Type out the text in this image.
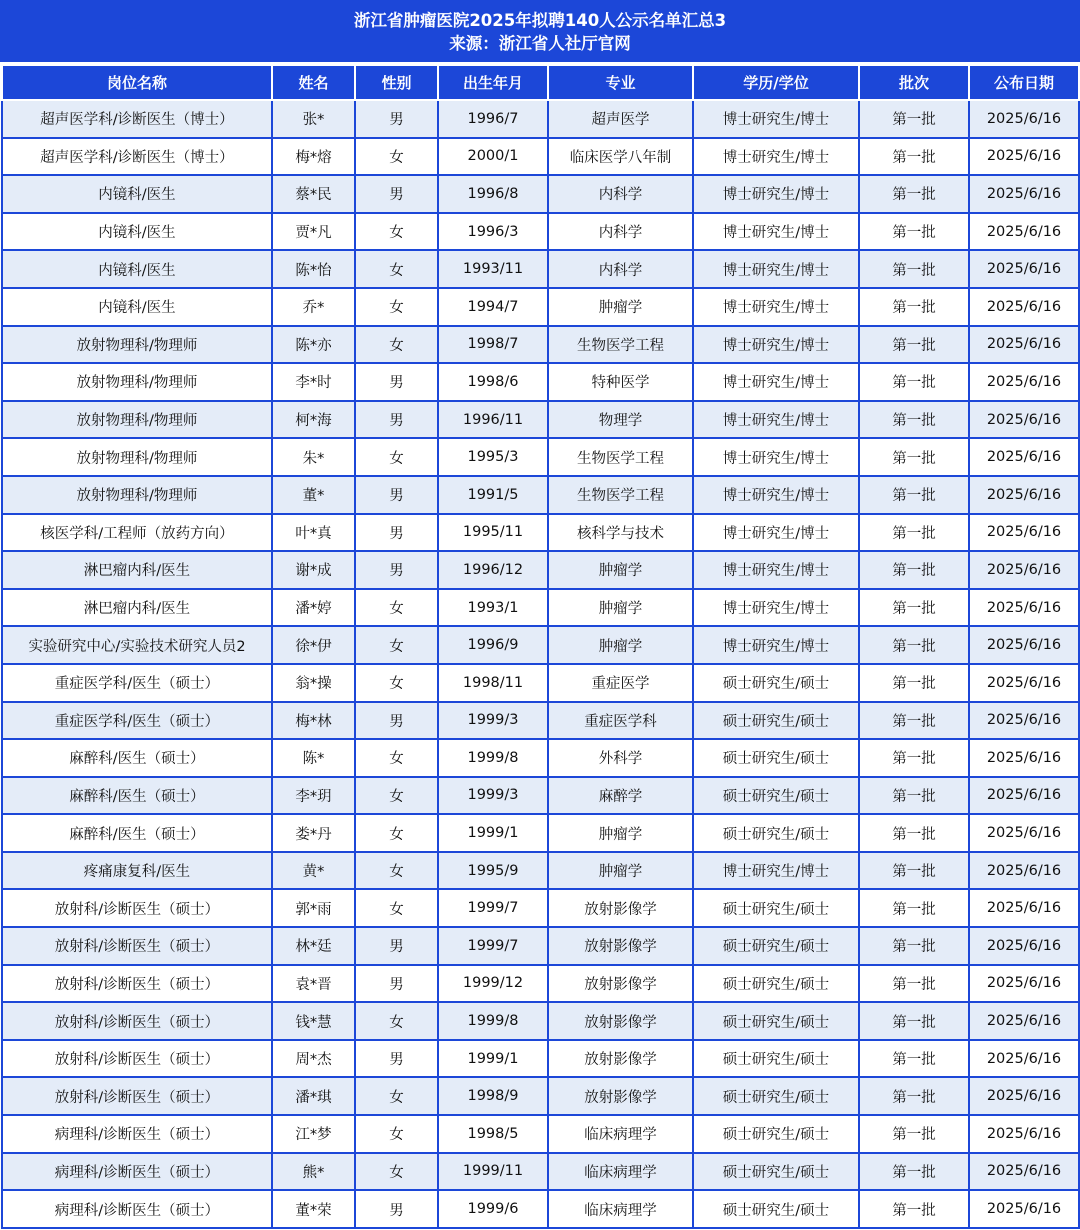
浙江省肿瘤医院2025年拟聘140人公示名单汇总3
来源：浙江省人社厅官网
岗位名称	姓名	性别	出生年月	专业	学历/学位	批次	公布日期
超声医学科/诊断医生（博士）	张*	男	1996/7	超声医学	博士研究生/博士	第一批	2025/6/16
超声医学科/诊断医生（博士）	梅*熔	女	2000/1	临床医学八年制	博士研究生/博士	第一批	2025/6/16
内镜科/医生	蔡*民	男	1996/8	内科学	博士研究生/博士	第一批	2025/6/16
内镜科/医生	贾*凡	女	1996/3	内科学	博士研究生/博士	第一批	2025/6/16
内镜科/医生	陈*怡	女	1993/11	内科学	博士研究生/博士	第一批	2025/6/16
内镜科/医生	乔*	女	1994/7	肿瘤学	博士研究生/博士	第一批	2025/6/16
放射物理科/物理师	陈*亦	女	1998/7	生物医学工程	博士研究生/博士	第一批	2025/6/16
放射物理科/物理师	李*时	男	1998/6	特种医学	博士研究生/博士	第一批	2025/6/16
放射物理科/物理师	柯*海	男	1996/11	物理学	博士研究生/博士	第一批	2025/6/16
放射物理科/物理师	朱*	女	1995/3	生物医学工程	博士研究生/博士	第一批	2025/6/16
放射物理科/物理师	董*	男	1991/5	生物医学工程	博士研究生/博士	第一批	2025/6/16
核医学科/工程师（放药方向）	叶*真	男	1995/11	核科学与技术	博士研究生/博士	第一批	2025/6/16
淋巴瘤内科/医生	谢*成	男	1996/12	肿瘤学	博士研究生/博士	第一批	2025/6/16
淋巴瘤内科/医生	潘*婷	女	1993/1	肿瘤学	博士研究生/博士	第一批	2025/6/16
实验研究中心/实验技术研究人员2	徐*伊	女	1996/9	肿瘤学	博士研究生/博士	第一批	2025/6/16
重症医学科/医生（硕士）	翁*操	女	1998/11	重症医学	硕士研究生/硕士	第一批	2025/6/16
重症医学科/医生（硕士）	梅*林	男	1999/3	重症医学科	硕士研究生/硕士	第一批	2025/6/16
麻醉科/医生（硕士）	陈*	女	1999/8	外科学	硕士研究生/硕士	第一批	2025/6/16
麻醉科/医生（硕士）	李*玥	女	1999/3	麻醉学	硕士研究生/硕士	第一批	2025/6/16
麻醉科/医生（硕士）	娄*丹	女	1999/1	肿瘤学	硕士研究生/硕士	第一批	2025/6/16
疼痛康复科/医生	黄*	女	1995/9	肿瘤学	博士研究生/博士	第一批	2025/6/16
放射科/诊断医生（硕士）	郭*雨	女	1999/7	放射影像学	硕士研究生/硕士	第一批	2025/6/16
放射科/诊断医生（硕士）	林*廷	男	1999/7	放射影像学	硕士研究生/硕士	第一批	2025/6/16
放射科/诊断医生（硕士）	袁*晋	男	1999/12	放射影像学	硕士研究生/硕士	第一批	2025/6/16
放射科/诊断医生（硕士）	钱*慧	女	1999/8	放射影像学	硕士研究生/硕士	第一批	2025/6/16
放射科/诊断医生（硕士）	周*杰	男	1999/1	放射影像学	硕士研究生/硕士	第一批	2025/6/16
放射科/诊断医生（硕士）	潘*琪	女	1998/9	放射影像学	硕士研究生/硕士	第一批	2025/6/16
病理科/诊断医生（硕士）	江*梦	女	1998/5	临床病理学	硕士研究生/硕士	第一批	2025/6/16
病理科/诊断医生（硕士）	熊*	女	1999/11	临床病理学	硕士研究生/硕士	第一批	2025/6/16
病理科/诊断医生（硕士）	董*荣	男	1999/6	临床病理学	硕士研究生/硕士	第一批	2025/6/16
